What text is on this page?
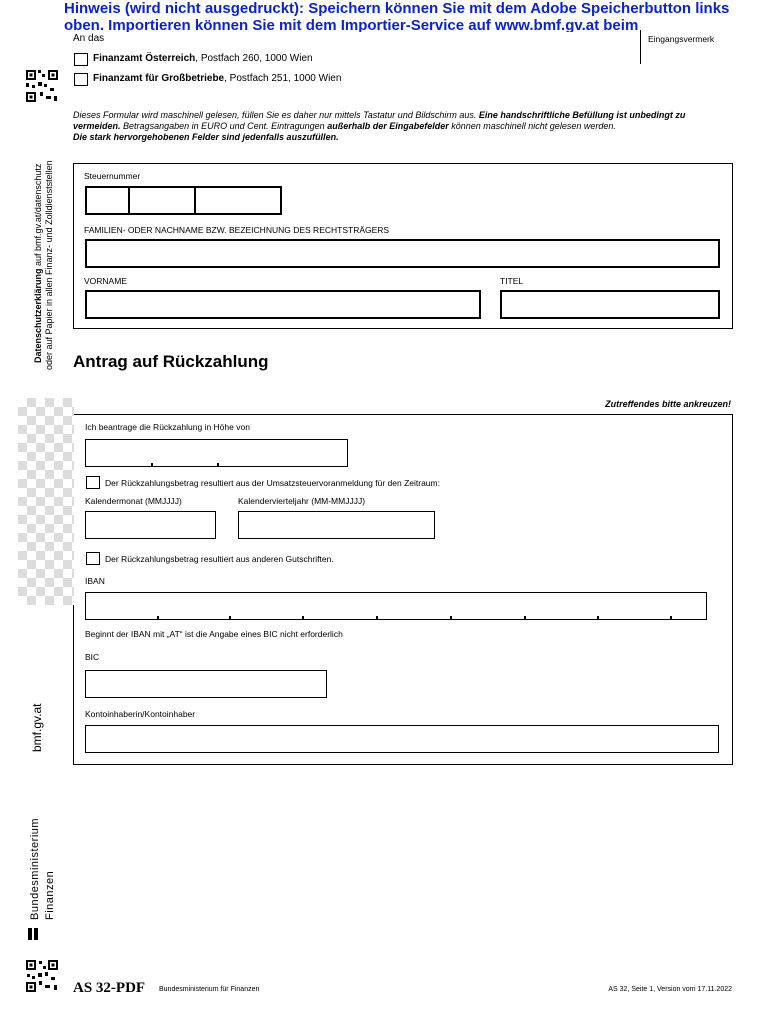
Hinweis (wird nicht ausgedruckt): Speichern können Sie mit dem Adobe Speicherbutton links oben. Importieren können Sie mit dem Importier-Service auf www.bmf.gv.at beim
An das	Eingangsvermerk
Finanzamt Österreich, Postfach 260, 1000 Wien
Finanzamt für Großbetriebe, Postfach 251, 1000 Wien
Dieses Formular wird maschinell gelesen, füllen Sie es daher nur mittels Tastatur und Bildschirm aus. Eine handschriftliche Befüllung ist unbedingt zu vermeiden. Betragsangaben in EURO und Cent. Eintragungen außerhalb der Eingabefelder können maschinell nicht gelesen werden.
Die stark hervorgehobenen Felder sind jedenfalls auszufüllen.
Steuernummer
FAMILIEN- ODER NACHNAME BZW. BEZEICHNUNG DES RECHTSTRÄGERS
VORNAME	TITEL
Antrag auf Rückzahlung
Zutreffendes bitte ankreuzen!
Ich beantrage die Rückzahlung in Höhe von
Der Rückzahlungsbetrag resultiert aus der Umsatzsteuervoranmeldung für den Zeitraum:
Kalendermonat (MMJJJJ)	Kalendervierteljahr (MM-MMJJJJ)
Der Rückzahlungsbetrag resultiert aus anderen Gutschriften.
IBAN
Beginnt der IBAN mit „AT“ ist die Angabe eines BIC nicht erforderlich
BIC
Kontoinhaberin/Kontoinhaber
Datenschutzerklärung auf bmf.gv.at/datenschutz oder auf Papier in allen Finanz- und Zolldienststellen
bmf.gv.at
Bundesministerium Finanzen
AS 32-PDF Bundesministerium für Finanzen	AS 32, Seite 1, Version vom 17.11.2022
